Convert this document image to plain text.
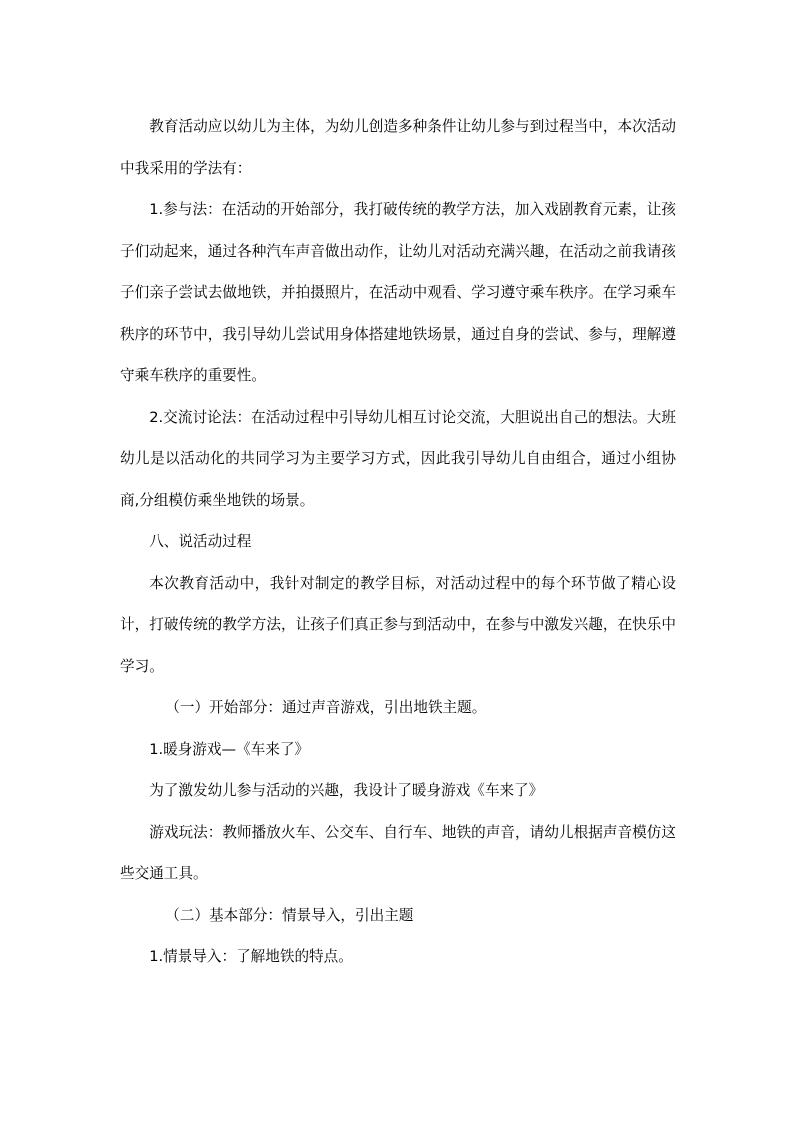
教育活动应以幼儿为主体，为幼儿创造多种条件让幼儿参与到过程当中，本次活动中我采用的学法有：

1.参与法：在活动的开始部分，我打破传统的教学方法，加入戏剧教育元素，让孩子们动起来，通过各种汽车声音做出动作，让幼儿对活动充满兴趣，在活动之前我请孩子们亲子尝试去做地铁，并拍摄照片，在活动中观看、学习遵守乘车秩序。在学习乘车秩序的环节中，我引导幼儿尝试用身体搭建地铁场景，通过自身的尝试、参与，理解遵守乘车秩序的重要性。

2.交流讨论法：在活动过程中引导幼儿相互讨论交流，大胆说出自己的想法。大班幼儿是以活动化的共同学习为主要学习方式，因此我引导幼儿自由组合，通过小组协商,分组模仿乘坐地铁的场景。

八、说活动过程

本次教育活动中，我针对制定的教学目标，对活动过程中的每个环节做了精心设计，打破传统的教学方法，让孩子们真正参与到活动中，在参与中激发兴趣，在快乐中学习。

（一）开始部分：通过声音游戏，引出地铁主题。

1.暖身游戏—《车来了》

为了激发幼儿参与活动的兴趣，我设计了暖身游戏《车来了》

游戏玩法：教师播放火车、公交车、自行车、地铁的声音，请幼儿根据声音模仿这些交通工具。

（二）基本部分：情景导入，引出主题

1.情景导入：了解地铁的特点。
